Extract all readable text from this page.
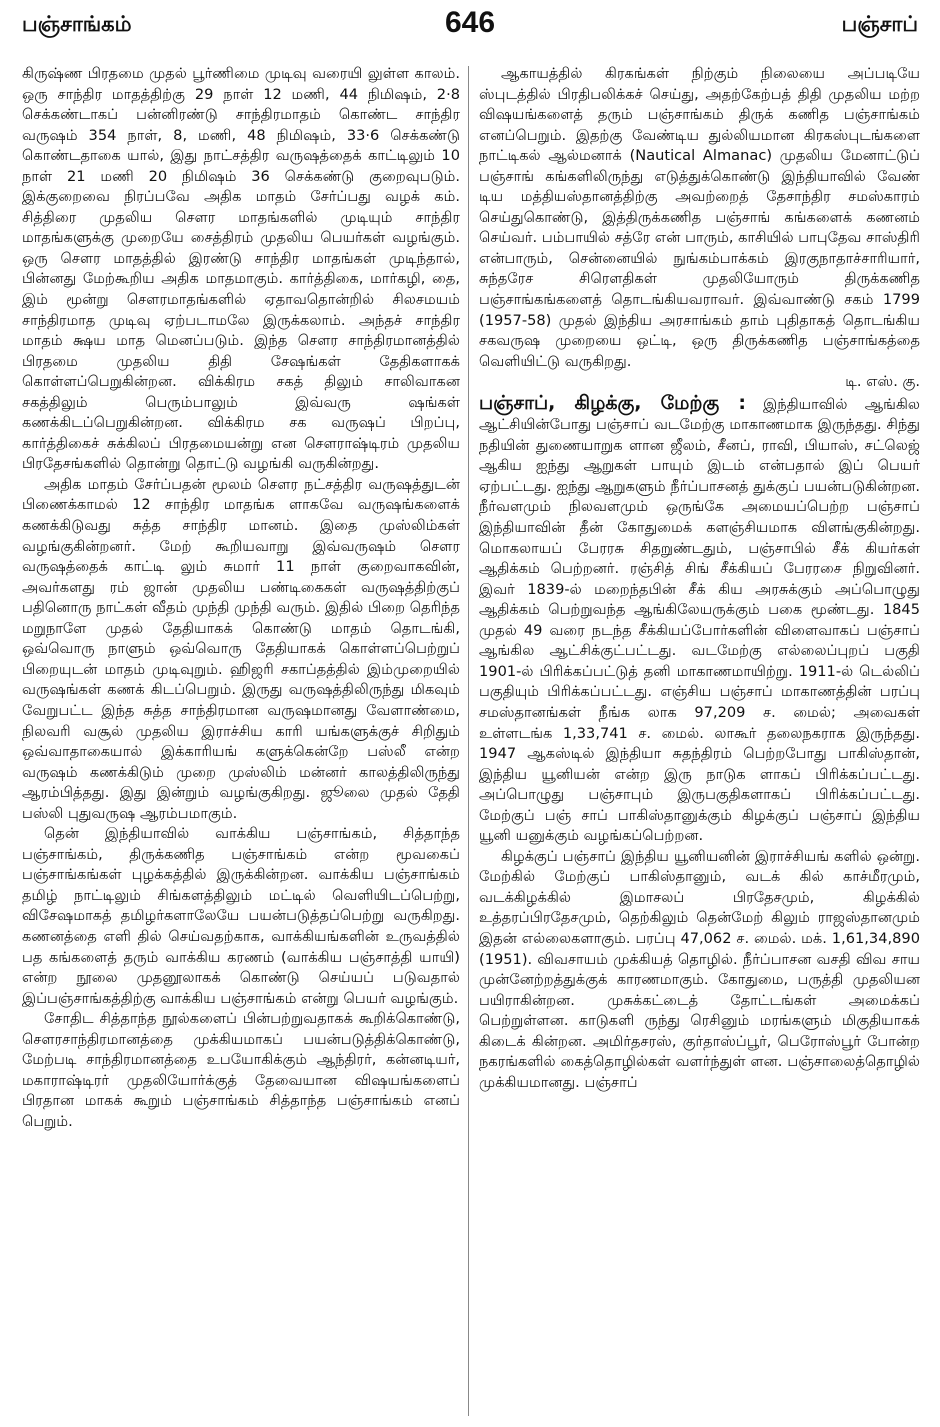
பஞ்சாங்கம்	646	பஞ்சாப்

கிருஷ்ண பிரதமை முதல் பூர்ணிமை முடிவு வரையி லுள்ள காலம். ஒரு சாந்திர மாதத்திற்கு 29 நாள் 12 மணி, 44 நிமிஷம், 2·8 செக்கண்டாகப் பன்னிரண்டு சாந்திரமாதம் கொண்ட சாந்திர வருஷம் 354 நாள், 8, மணி, 48 நிமிஷம், 33·6 செக்கண்டு கொண்டதாகை யால், இது நாட்சத்திர வருஷத்தைக் காட்டிலும் 10 நாள் 21 மணி 20 நிமிஷம் 36 செக்கண்டு குறைவுபடும். இக்குறைவை நிரப்பவே அதிக மாதம் சேர்ப்பது வழக் கம். சித்திரை முதலிய சௌர மாதங்களில் முடியும் சாந்திர மாதங்களுக்கு முறையே சைத்திரம் முதலிய பெயர்கள் வழங்கும். ஒரு சௌர மாதத்தில் இரண்டு சாந்திர மாதங்கள் முடிந்தால், பின்னது மேற்கூறிய அதிக மாதமாகும். கார்த்திகை, மார்கழி, தை, இம் மூன்று சௌரமாதங்களில் ஏதாவதொன்றில் சிலசமயம் சாந்திரமாத முடிவு ஏற்படாமலே இருக்கலாம். அந்தச் சாந்திர மாதம் க்ஷய மாத மெனப்படும். இந்த சௌர சாந்திரமானத்தில் பிரதமை முதலிய திதி சேஷங்கள் தேதிகளாகக் கொள்ளப்பெறுகின்றன. விக்கிரம சகத் திலும் சாலிவாகன சகத்திலும் பெரும்பாலும் இவ்வரு ஷங்கள் கணக்கிடப்பெறுகின்றன. விக்கிரம சக வருஷப் பிறப்பு, கார்த்திகைச் சுக்கிலப் பிரதமையன்று என சௌராஷ்டிரம் முதலிய பிரதேசங்களில் தொன்று தொட்டு வழங்கி வருகின்றது.

அதிக மாதம் சேர்ப்பதன் மூலம் சௌர நட்சத்திர வருஷத்துடன் பிணைக்காமல் 12 சாந்திர மாதங்க ளாகவே வருஷங்களைக் கணக்கிடுவது சுத்த சாந்திர மானம். இதை முஸ்லிம்கள் வழங்குகின்றனர். மேற் கூறியவாறு இவ்வருஷம் சௌர வருஷத்தைக் காட்டி லும் சுமார் 11 நாள் குறைவாகவின், அவர்களது ரம் ஜான் முதலிய பண்டிகைகள் வருஷத்திற்குப் பதினொரு நாட்கள் வீதம் முந்தி முந்தி வரும். இதில் பிறை தெரிந்த மறுநாளே முதல் தேதியாகக் கொண்டு மாதம் தொடங்கி, ஒவ்வொரு நாளும் ஒவ்வொரு தேதியாகக் கொள்ளப்பெற்றுப் பிறையுடன் மாதம் முடிவுறும். ஹிஜரி சகாப்தத்தில் இம்முறையில் வருஷங்கள் கணக் கிடப்பெறும். இருது வருஷத்திலிருந்து மிகவும் வேறுபட்ட இந்த சுத்த சாந்திரமான வருஷமானது வேளாண்மை, நிலவரி வசூல் முதலிய இராச்சிய காரி யங்களுக்குச் சிறிதும் ஒவ்வாதாகையால் இக்காரியங் களுக்கென்றே பஸ்லீ என்ற வருஷம் கணக்கிடும் முறை முஸ்லிம் மன்னர் காலத்திலிருந்து ஆரம்பித்தது. இது இன்றும் வழங்குகிறது. ஜூலை முதல் தேதி பஸ்லி புதுவருஷ ஆரம்பமாகும்.

தென் இந்தியாவில் வாக்கிய பஞ்சாங்கம், சித்தாந்த பஞ்சாங்கம், திருக்கணித பஞ்சாங்கம் என்ற மூவகைப் பஞ்சாங்கங்கள் புழக்கத்தில் இருக்கின்றன. வாக்கிய பஞ்சாங்கம் தமிழ் நாட்டிலும் சிங்களத்திலும் மட்டில் வெளியிடப்பெற்று, விசேஷமாகத் தமிழர்களாலேயே பயன்படுத்தப்பெற்று வருகிறது. கணனத்தை எளி தில் செய்வதற்காக, வாக்கியங்களின் உருவத்தில் பத கங்களைத் தரும் வாக்கிய கரணம் (வாக்கிய பஞ்சாத்தி யாயி) என்ற நூலை முதனூலாகக் கொண்டு செய்யப் படுவதால் இப்பஞ்சாங்கத்திற்கு வாக்கிய பஞ்சாங்கம் என்று பெயர் வழங்கும்.

சோதிட சித்தாந்த நூல்களைப் பின்பற்றுவதாகக் கூறிக்கொண்டு, சௌரசாந்திரமானத்தை முக்கியமாகப் பயன்படுத்திக்கொண்டு, மேற்படி சாந்திரமானத்தை உபயோகிக்கும் ஆந்திரர், கன்னடியர், மகாராஷ்டிரர் முதலியோர்க்குத் தேவையான விஷயங்களைப் பிரதான மாகக் கூறும் பஞ்சாங்கம் சித்தாந்த பஞ்சாங்கம் எனப் பெறும்.

ஆகாயத்தில் கிரகங்கள் நிற்கும் நிலையை அப்படியே ஸ்புடத்தில் பிரதிபலிக்கச் செய்து, அதற்கேற்பத் திதி முதலிய மற்ற விஷயங்களைத் தரும் பஞ்சாங்கம் திருக் கணித பஞ்சாங்கம் எனப்பெறும். இதற்கு வேண்டிய துல்லியமான கிரகஸ்புடங்களை நாட்டிகல் ஆல்மனாக் (Nautical Almanac) முதலிய மேனாட்டுப் பஞ்சாங் கங்களிலிருந்து எடுத்துக்கொண்டு இந்தியாவில் வேண் டிய மத்தியஸ்தானத்திற்கு அவற்றைத் தேசாந்திர சமஸ்காரம் செய்துகொண்டு, இத்திருக்கணித பஞ்சாங் கங்களைக் கணனம் செய்வர். பம்பாயில் சத்ரே என் பாரும், காசியில் பாபுதேவ சாஸ்திரி என்பாரும், சென்னையில் நுங்கம்பாக்கம் இரகுநாதாச்சாரியார், சுந்தரேச சிரௌதிகள் முதலியோரும் திருக்கணித பஞ்சாங்கங்களைத் தொடங்கியவராவர். இவ்வாண்டு சகம் 1799 (1957-58) முதல் இந்திய அரசாங்கம் தாம் புதிதாகத் தொடங்கிய சகவருஷ முறையை ஒட்டி, ஒரு திருக்கணித பஞ்சாங்கத்தை வெளியிட்டு வருகிறது.

டி. எஸ். கு.

பஞ்சாப், கிழக்கு, மேற்கு : இந்தியாவில் ஆங்கில ஆட்சியின்போது பஞ்சாப் வடமேற்கு மாகாணமாக இருந்தது. சிந்து நதியின் துணையாறுக ளான ஜீலம், சீனப், ராவி, பியாஸ், சட்லெஜ் ஆகிய ஐந்து ஆறுகள் பாயும் இடம் என்பதால் இப் பெயர் ஏற்பட்டது. ஐந்து ஆறுகளும் நீர்ப்பாசனத் துக்குப் பயன்படுகின்றன. நீர்வளமும் நிலவளமும் ஒருங்கே அமையப்பெற்ற பஞ்சாப் இந்தியாவின் தீன் கோதுமைக் களஞ்சியமாக விளங்குகின்றது. மொகலாயப் பேரரசு சிதறுண்டதும், பஞ்சாபில் சீக் கியர்கள் ஆதிக்கம் பெற்றனர். ரஞ்சித் சிங் சீக்கியப் பேரரசை நிறுவினர். இவர் 1839-ல் மறைந்தபின் சீக் கிய அரசுக்கும் அப்பொழுது ஆதிக்கம் பெற்றுவந்த ஆங்கிலேயருக்கும் பகை மூண்டது. 1845 முதல் 49 வரை நடந்த சீக்கியப்போர்களின் விளைவாகப் பஞ்சாப் ஆங்கில ஆட்சிக்குட்பட்டது. வடமேற்கு எல்லைப்புறப் பகுதி 1901-ல் பிரிக்கப்பட்டுத் தனி மாகாணமாயிற்று. 1911-ல் டெல்லிப் பகுதியும் பிரிக்கப்பட்டது. எஞ்சிய பஞ்சாப் மாகாணத்தின் பரப்பு சமஸ்தானங்கள் நீங்க லாக 97,209 ச. மைல்; அவைகள் உள்ளடங்க 1,33,741 ச. மைல். லாகூர் தலைநகராக இருந்தது. 1947 ஆகஸ்டில் இந்தியா சுதந்திரம் பெற்றபோது பாகிஸ்தான், இந்திய யூனியன் என்ற இரு நாடுக ளாகப் பிரிக்கப்பட்டது. அப்பொழுது பஞ்சாபும் இருபகுதிகளாகப் பிரிக்கப்பட்டது. மேற்குப் பஞ் சாப் பாகிஸ்தானுக்கும் கிழக்குப் பஞ்சாப் இந்திய யூனி யனுக்கும் வழங்கப்பெற்றன.

கிழக்குப் பஞ்சாப் இந்திய யூனியனின் இராச்சியங் களில் ஒன்று. மேற்கில் மேற்குப் பாகிஸ்தானும், வடக் கில் காச்மீரமும், வடக்கிழக்கில் இமாசலப் பிரதேசமும், கிழக்கில் உத்தரப்பிரதேசமும், தெற்கிலும் தென்மேற் கிலும் ராஜஸ்தானமும் இதன் எல்லைகளாகும். பரப்பு 47,062 ச. மைல். மக். 1,61,34,890 (1951). விவசாயம் முக்கியத் தொழில். நீர்ப்பாசன வசதி விவ சாய முன்னேற்றத்துக்குக் காரணமாகும். கோதுமை, பருத்தி முதலியன பயிராகின்றன. முசுக்கட்டைத் தோட்டங்கள் அமைக்கப் பெற்றுள்ளன. காடுகளி ருந்து ரெசினும் மரங்களும் மிகுதியாகக் கிடைக் கின்றன. அமிர்தசரஸ், குர்தாஸ்ப்பூர், பெரோஸ்பூர் போன்ற நகரங்களில் கைத்தொழில்கள் வளர்ந்துள் ளன. பஞ்சாலைத்தொழில் முக்கியமானது. பஞ்சாப்
